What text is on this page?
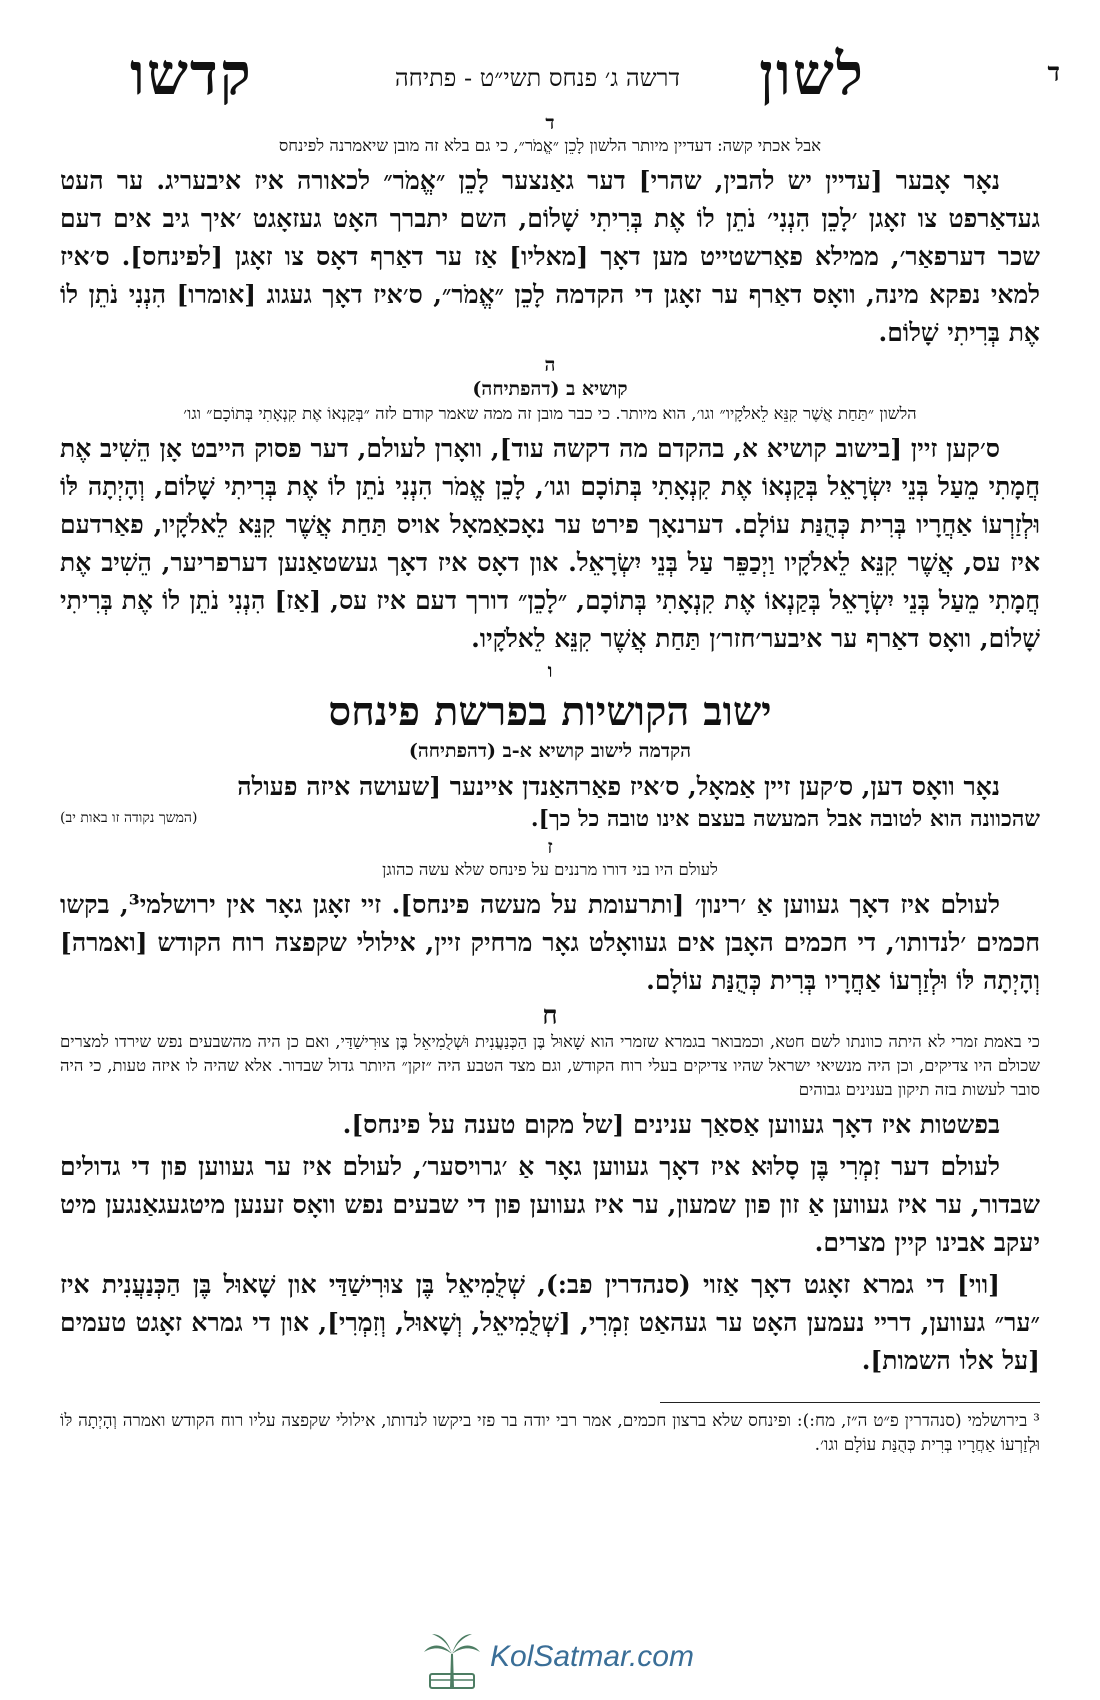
ד
לשון
דרשה ג׳ פנחס תשי״ט - פתיחה
קדשו
ד
אבל אכתי קשה: דעדיין מיותר הלשון לָכֵן ״אֱמֹר״, כי גם בלא זה מובן שיאמרנה לפינחס

נאָר אָבער [עדיין יש להבין, שהרי] דער גאַנצער לָכֵן ״אֱמֹר״ לכאורה איז איבעריג. ער העט געדאַרפט צו זאָגן ׳לָכֵן הִנְנִי׳ נֹתֵן לוֹ אֶת בְּרִיתִי שָׁלוֹם, השם יתברך האָט געזאָגט ׳איך גיב אים דעם שכר דערפאַר׳, ממילא פאַרשטייט מען דאָך [מאליו] אַז ער דאַרף דאָס צו זאָגן [לפינחס]. ס׳איז למאי נפקא מינה, וואָס דאַרף ער זאָגן די הקדמה לָכֵן ״אֱמֹר״, ס׳איז דאָך געגוג [אומרו] הִנְנִי נֹתֵן לוֹ אֶת בְּרִיתִי שָׁלוֹם.

ה
קושיא ב (דהפתיחה)
הלשון ״תַּחַת אֲשֶׁר קִנֵּא לֵאלֹקָיו״ וגו׳, הוא מיותר. כי כבר מובן זה ממה שאמר קודם לזה ״בְּקַנְאוֹ אֶת קִנְאָתִי בְּתוֹכָם״ וגו׳

ס׳קען זיין [בישוב קושיא א, בהקדם מה דקשה עוד], וואָרן לעולם, דער פסוק הייבט אָן הֵשִׁיב אֶת חֲמָתִי מֵעַל בְּנֵי יִשְׂרָאֵל בְּקַנְאוֹ אֶת קִנְאָתִי בְּתוֹכָם וגו׳, לָכֵן אֱמֹר הִנְנִי נֹתֵן לוֹ אֶת בְּרִיתִי שָׁלוֹם, וְהָיְתָה לּוֹ וּלְזַרְעוֹ אַחֲרָיו בְּרִית כְּהֻנַּת עוֹלָם. דערנאָך פירט ער נאָכאַמאָל אויס תַּחַת אֲשֶׁר קִנֵּא לֵאלֹקָיו, פאַרדעם איז עס, אֲשֶׁר קִנֵּא לֵאלֹקָיו וַיְכַפֵּר עַל בְּנֵי יִשְׂרָאֵל. און דאָס איז דאָך געשטאַנען דערפריער, הֵשִׁיב אֶת חֲמָתִי מֵעַל בְּנֵי יִשְׂרָאֵל בְּקַנְאוֹ אֶת קִנְאָתִי בְּתוֹכָם, ״לָכֵן״ דורך דעם איז עס, [אַז] הִנְנִי נֹתֵן לוֹ אֶת בְּרִיתִי שָׁלוֹם, וואָס דאַרף ער איבער׳חזר׳ן תַּחַת אֲשֶׁר קִנֵּא לֵאלֹקָיו.

ו
ישוב הקושיות בפרשת פינחס
הקדמה לישוב קושיא א-ב (דהפתיחה)

נאָר וואָס דען, ס׳קען זיין אַמאָל, ס׳איז פאַרהאַנדן איינער [שעושה איזה פעולה

שהכוונה הוא לטובה אבל המעשה בעצם אינו טובה כל כך].
(המשך נקודה זו באות יב)
ז
לעולם היו בני דורו מרננים על פינחס שלא עשה כהוגן

לעולם איז דאָך געווען אַ ׳רינון׳ [ותרעומת על מעשה פינחס]. זיי זאָגן גאָר אין ירושלמי³, בקשו חכמים ׳לנדותו׳, די חכמים האָבן אים געוואָלט גאָר מרחיק זיין, אילולי שקפצה רוח הקודש [ואמרה] וְהָיְתָה לּוֹ וּלְזַרְעוֹ אַחֲרָיו בְּרִית כְּהֻנַּת עוֹלָם.

ח
כי באמת זמרי לא היתה כוונתו לשם חטא, וכמבואר בגמרא שזמרי הוא שָׁאוּל בֶּן הַכְּנַעֲנִית וּשְׁלֻמִיאֵל בֶּן צוּרִישַׁדַּי, ואם כן היה מהשבעים נפש שירדו למצרים שכולם היו צדיקים, וכן היה מנשיאי ישראל שהיו צדיקים בעלי רוח הקודש, וגם מצד הטבע היה ״זקן״ היותר גדול שבדור. אלא שהיה לו איזה טעות, כי היה סובר לעשות בזה תיקון בענינים גבוהים

בפשטות איז דאָך געווען אַסאַך ענינים [של מקום טענה על פינחס].

לעולם דער זִמְרִי בֶּן סָלוּא איז דאָך געווען גאָר אַ ׳גרויסער׳, לעולם איז ער געווען פון די גדולים שבדור, ער איז געווען אַ זון פון שמעון, ער איז געווען פון די שבעים נפש וואָס זענען מיטגעגאַנגען מיט יעקב אבינו קיין מצרים.

[ווי] די גמרא זאָגט דאָך אַזוי (סנהדרין פב:), שְׁלֻמִיאֵל בֶּן צוּרִישַׁדַּי און שָׁאוּל בֶּן הַכְּנַעֲנִית איז ״ער״ געווען, דריי נעמען האָט ער געהאַט זִמְרִי, [שְׁלֻמִיאֵל, וְשָׁאוּל, וְזִמְרִי], און די גמרא זאָגט טעמים [על אלו השמות].

³ בירושלמי (סנהדרין פ״ט ה״ז, מח:): ופינחס שלא ברצון חכמים, אמר רבי יודה בר פזי ביקשו לנדותו, אילולי שקפצה עליו רוח הקודש ואמרה וְהָיְתָה לּוֹ וּלְזַרְעוֹ אַחֲרָיו בְּרִית כְּהֻנַּת עוֹלָם וגו׳.
KolSatmar.com
